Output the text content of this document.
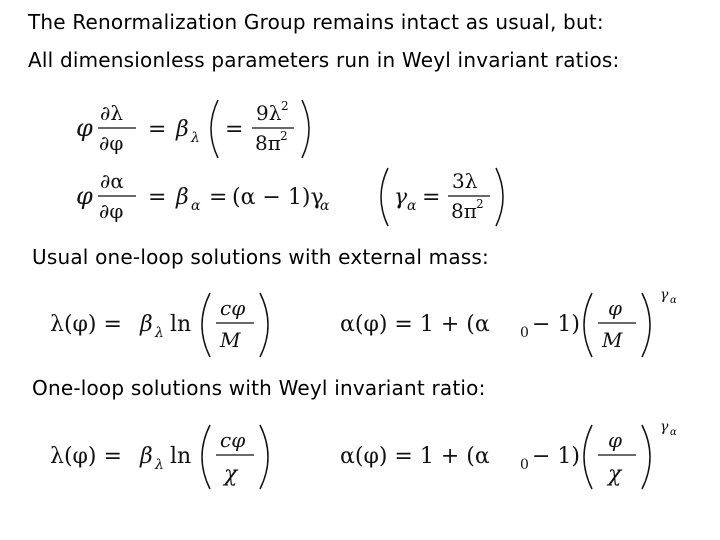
The Renormalization Group remains intact as usual, but:
All dimensionless parameters run in Weyl invariant ratios:
φ
∂λ
∂φ
= β λ =
9λ 2
8π 2
φ
∂α
∂φ
= β α = (α − 1)γ
α	γ α =
3λ
8π 2
Usual one-loop solutions with external mass:
λ(φ) = β λ ln
cφ
M
α(φ) = 1 + (α 0 − 1)
φ
M
γ α
One-loop solutions with Weyl invariant ratio:
λ(φ) = β λ ln
cφ
χ
α(φ) = 1 + (α 0 − 1)
φ
χ
γ α
